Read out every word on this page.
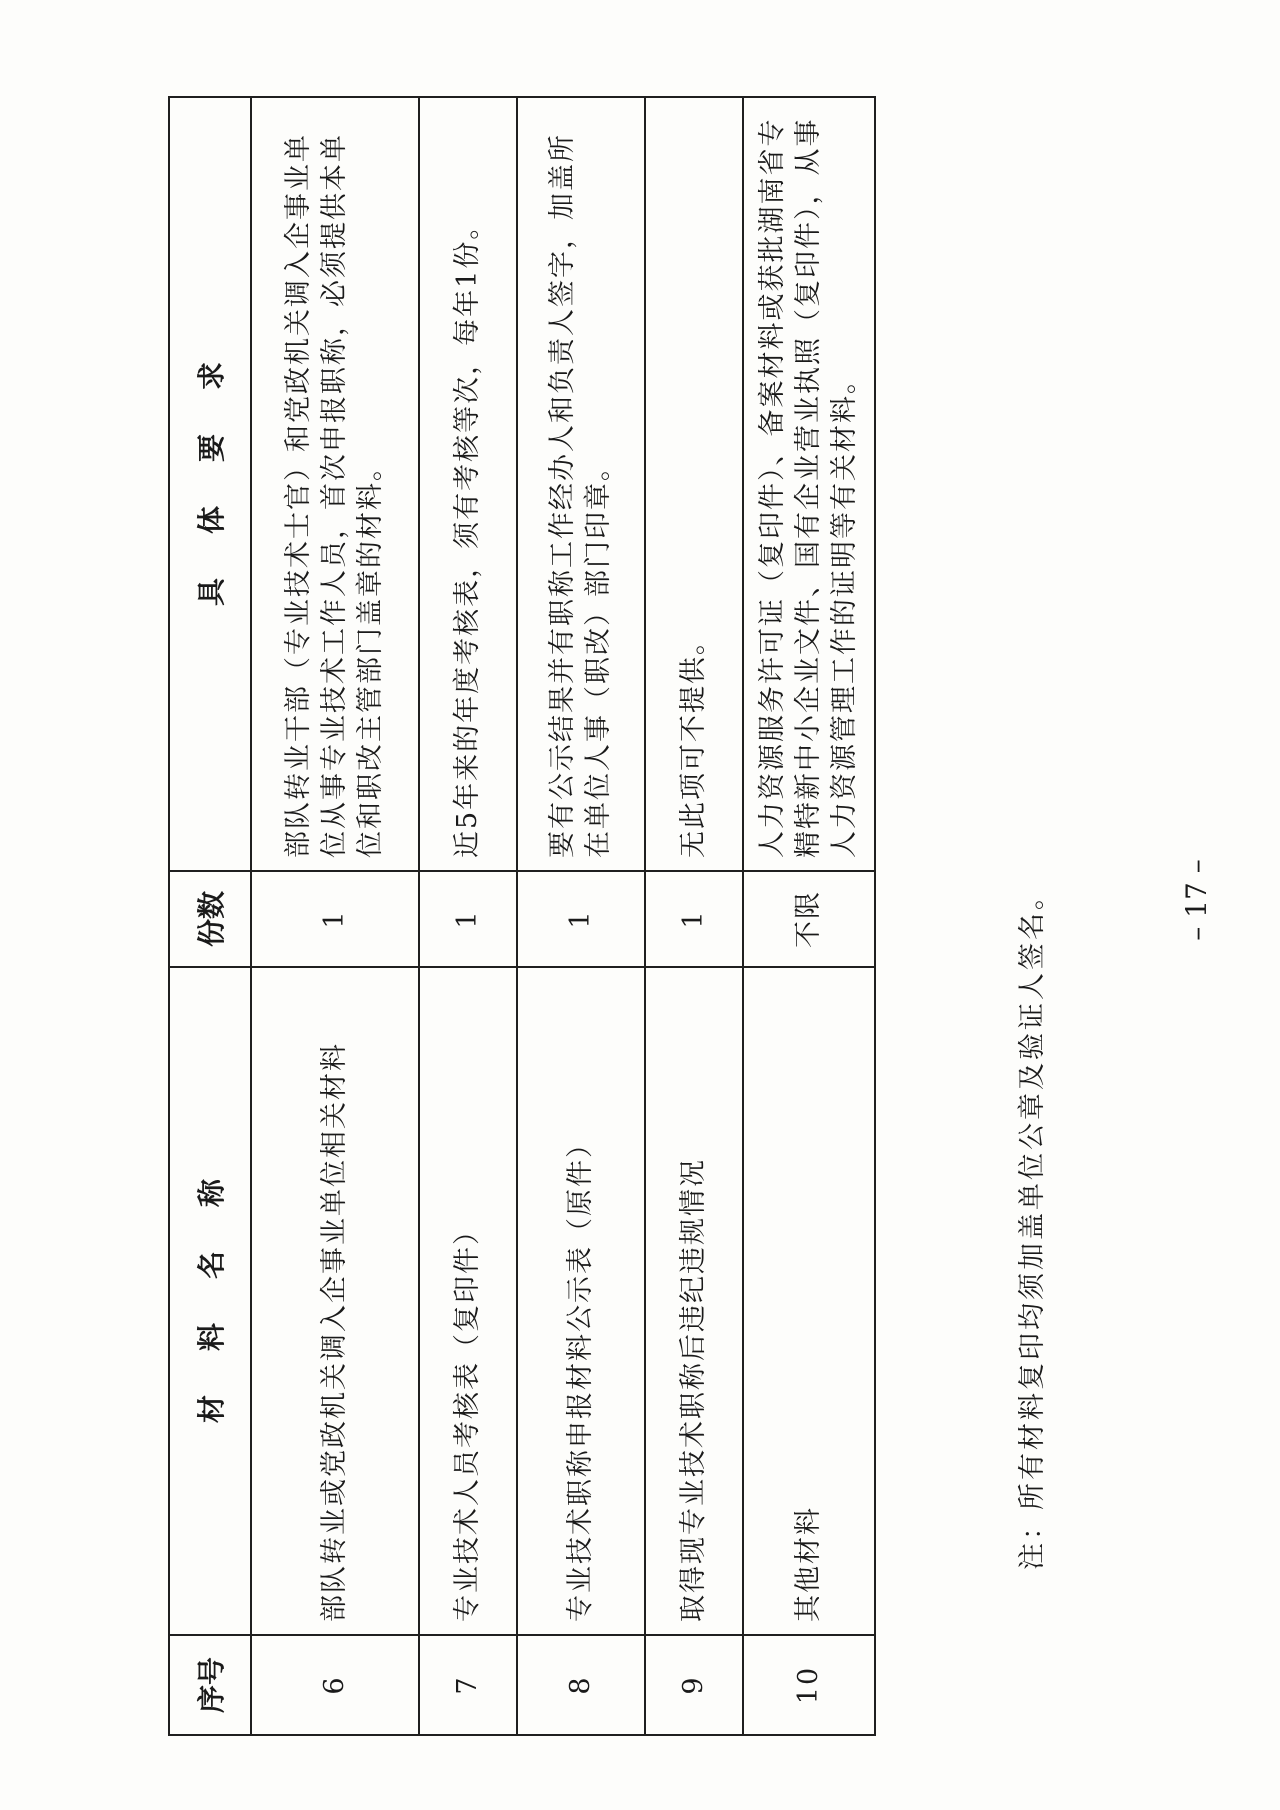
序号	材料名称	份数	具体要求
6	部队转业或党政机关调入企事业单位相关材料	1	部队转业干部（专业技术士官）和党政机关调入企事业单位从事专业技术工作人员，首次申报职称，必须提供本单位和职改主管部门盖章的材料。
7	专业技术人员考核表（复印件）	1	近5年来的年度考核表，须有考核等次，每年1份。
8	专业技术职称申报材料公示表（原件）	1	要有公示结果并有职称工作经办人和负责人签字，加盖所在单位人事（职改）部门印章。
9	取得现专业技术职称后违纪违规情况	1	无此项可不提供。
10	其他材料	不限	人力资源服务许可证（复印件）、备案材料或获批湖南省专精特新中小企业文件、国有企业营业执照（复印件），从事人力资源管理工作的证明等有关材料。
注：所有材料复印均须加盖单位公章及验证人签名。	– 17 –
